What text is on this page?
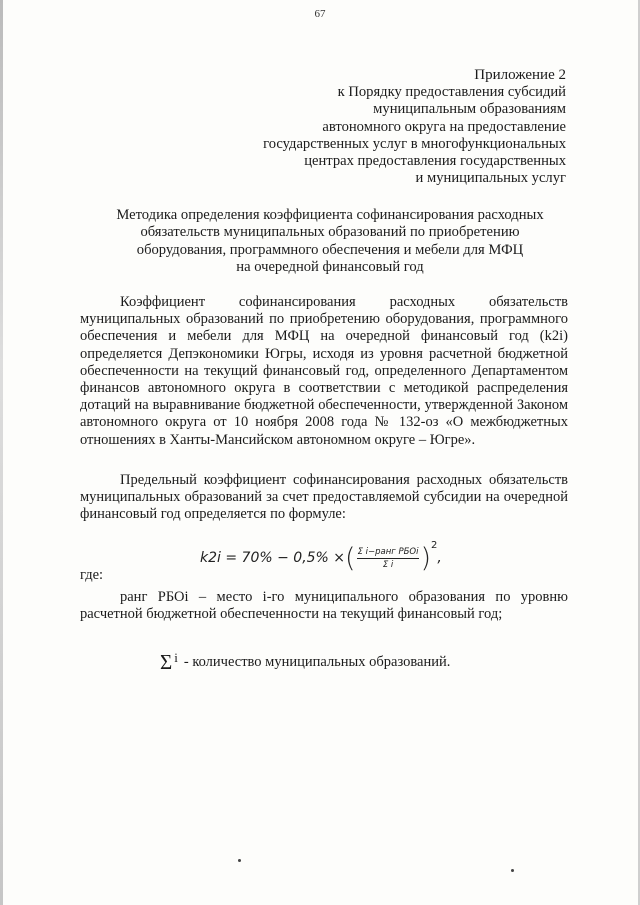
67
Приложение 2
к Порядку предоставления субсидий
муниципальным образованиям
автономного округа на предоставление
государственных услуг в многофункциональных
центрах предоставления государственных
и муниципальных услуг
Методика определения коэффициента софинансирования расходных
обязательств муниципальных образований по приобретению
оборудования, программного обеспечения и мебели для МФЦ
на очередной финансовый год

Коэффициент софинансирования расходных обязательств муниципальных образований по приобретению оборудования, программного обеспечения и мебели для МФЦ на очередной финансовый год (k2i) определяется Депэкономики Югры, исходя из уровня расчетной бюджетной обеспеченности на текущий финансовый год, определенного Департаментом финансов автономного округа в соответствии с методикой распределения дотаций на выравнивание бюджетной обеспеченности, утвержденной Законом автономного округа от 10 ноября 2008 года № 132-оз «О межбюджетных отношениях в Ханты-Мансийском автономном округе – Югре».

Предельный коэффициент софинансирования расходных обязательств муниципальных образований за счет предоставляемой субсидии на очередной финансовый год определяется по формуле:

k2i = 70% − 0,5% × ( $\frac{\text{Σ i−ранг РБОi}}{\text{Σ i}}$ ) 2
,
где:

ранг РБОi – место i-го муниципального образования по уровню расчетной бюджетной обеспеченности на текущий финансовый год;

Σ i - количество муниципальных образований.
